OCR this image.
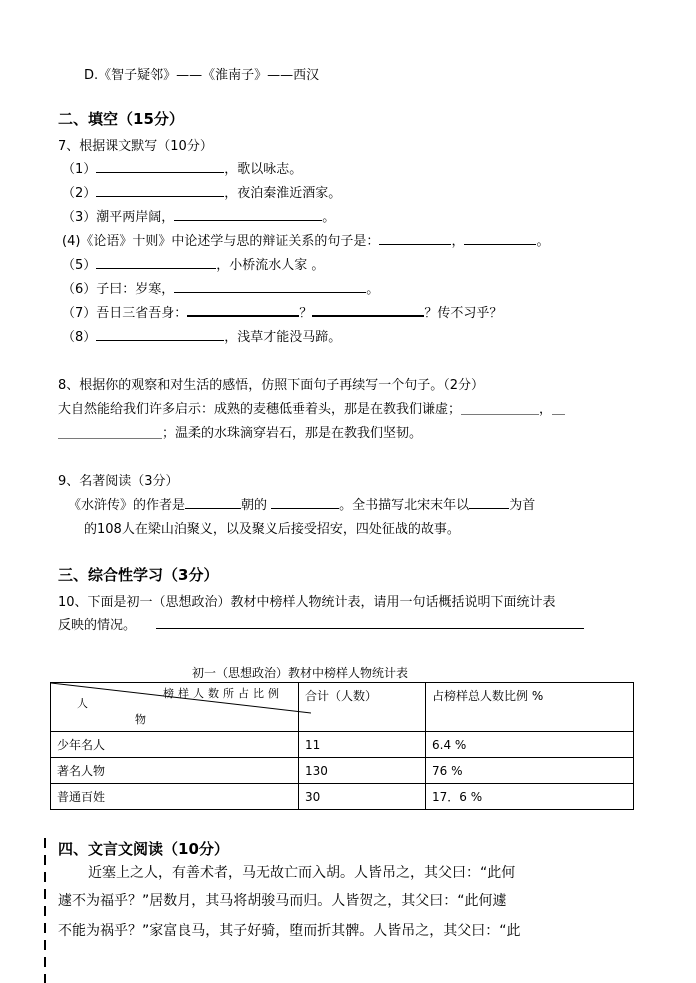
D.《智子疑邻》——《淮南子》——西汉
二、填空（15分）
7、根据课文默写（10分）
（1）	，歌以咏志。
（2）	，夜泊秦淮近酒家。
（3）潮平两岸阔，	。
(4)《论语》十则》中论述学与思的辩证关系的句子是：	，	。
（5）	，小桥流水人家 。
（6）子曰：岁寒，	。
（7）吾日三省吾身：	？	？传不习乎？
（8）	，浅草才能没马蹄。
8、根据你的观察和对生活的感悟，仿照下面句子再续写一个句子。（2分）
大自然能给我们许多启示：成熟的麦穗低垂着头，那是在教我们谦虚；＿＿＿＿＿＿，＿
＿＿＿＿＿＿＿＿；温柔的水珠滴穿岩石，那是在教我们坚韧。
9、名著阅读（3分）
《水浒传》的作者是	朝的	。全书描写北宋末年以	为首
的108人在梁山泊聚义，以及聚义后接受招安，四处征战的故事。
三、综合性学习（3分）
10、下面是初一（思想政治）教材中榜样人物统计表，请用一句话概括说明下面统计表
反映的情况。
初一（思想政治）教材中榜样人物统计表
榜样人数所占比例
人
物	合计（人数）	占榜样总人数比例 %
少年名人	11	6.4 %
著名人物	130	76 %
普通百姓	30	17．6 %
四、文言文阅读（10分）
近塞上之人，有善术者，马无故亡而入胡。人皆吊之，其父曰：“此何
遽不为福乎？”居数月，其马将胡骏马而归。人皆贺之，其父曰：“此何遽
不能为祸乎？”家富良马，其子好骑，堕而折其髀。人皆吊之，其父曰：“此
